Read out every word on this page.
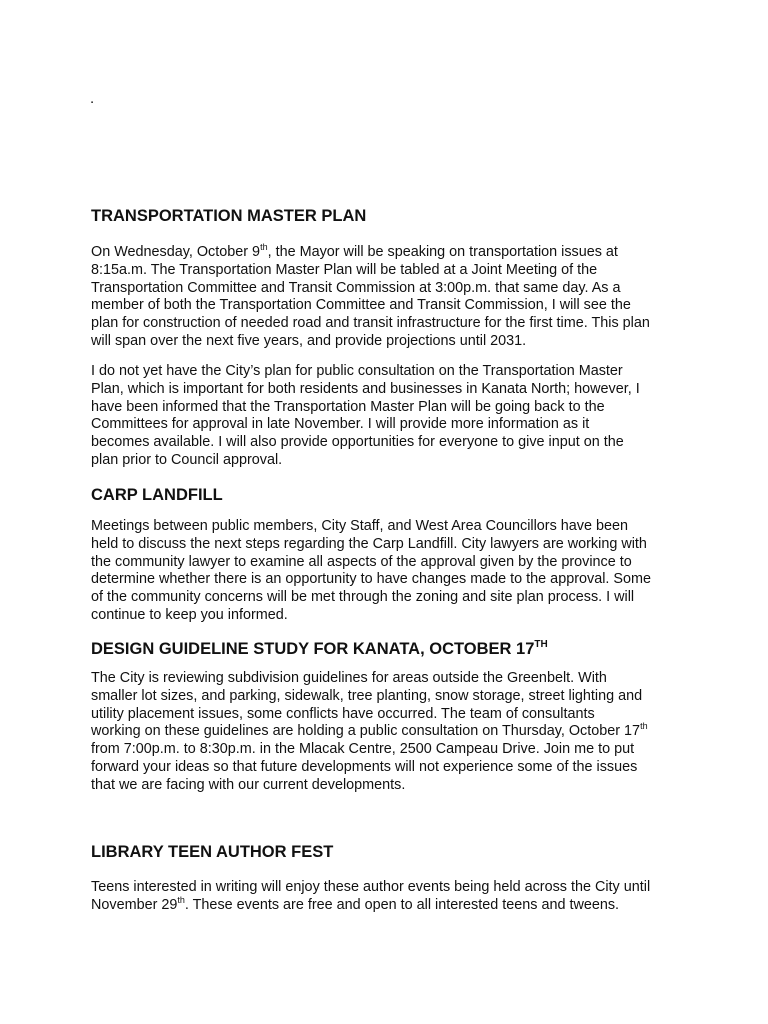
.
TRANSPORTATION MASTER PLAN

On Wednesday, October 9th, the Mayor will be speaking on transportation issues at
8:15a.m. The Transportation Master Plan will be tabled at a Joint Meeting of the
Transportation Committee and Transit Commission at 3:00p.m. that same day. As a
member of both the Transportation Committee and Transit Commission, I will see the
plan for construction of needed road and transit infrastructure for the first time. This plan
will span over the next five years, and provide projections until 2031.

I do not yet have the City’s plan for public consultation on the Transportation Master
Plan, which is important for both residents and businesses in Kanata North; however, I
have been informed that the Transportation Master Plan will be going back to the
Committees for approval in late November. I will provide more information as it
becomes available. I will also provide opportunities for everyone to give input on the
plan prior to Council approval.

CARP LANDFILL

Meetings between public members, City Staff, and West Area Councillors have been
held to discuss the next steps regarding the Carp Landfill. City lawyers are working with
the community lawyer to examine all aspects of the approval given by the province to
determine whether there is an opportunity to have changes made to the approval. Some
of the community concerns will be met through the zoning and site plan process. I will
continue to keep you informed.

DESIGN GUIDELINE STUDY FOR KANATA, OCTOBER 17TH

The City is reviewing subdivision guidelines for areas outside the Greenbelt. With
smaller lot sizes, and parking, sidewalk, tree planting, snow storage, street lighting and
utility placement issues, some conflicts have occurred. The team of consultants
working on these guidelines are holding a public consultation on Thursday, October 17th
from 7:00p.m. to 8:30p.m. in the Mlacak Centre, 2500 Campeau Drive. Join me to put
forward your ideas so that future developments will not experience some of the issues
that we are facing with our current developments.

LIBRARY TEEN AUTHOR FEST

Teens interested in writing will enjoy these author events being held across the City until
November 29th. These events are free and open to all interested teens and tweens.
